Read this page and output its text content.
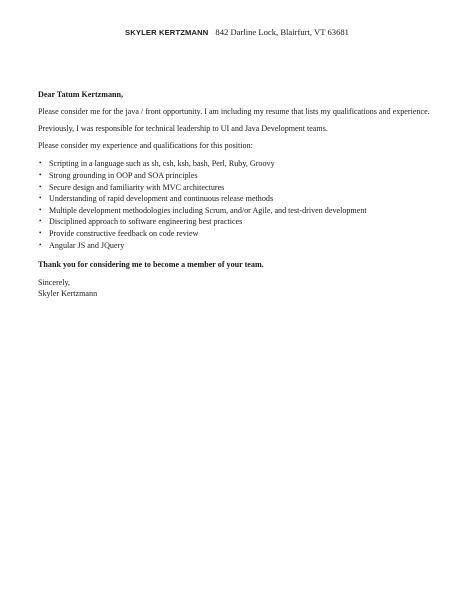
SKYLER KERTZMANN 842 Darline Lock, Blairfurt, VT 63681

Dear Tatum Kertzmann,

Please consider me for the java / front opportunity. I am including my resume that lists my qualifications and experience.

Previously, I was responsible for technical leadership to UI and Java Development teams.

Please consider my experience and qualifications for this position:

• Scripting in a language such as sh, csh, ksh, bash, Perl, Ruby, Groovy
• Strong grounding in OOP and SOA principles
• Secure design and familiarity with MVC architectures
• Understanding of rapid development and continuous release methods
• Multiple development methodologies including Scrum, and/or Agile, and test-driven development
• Disciplined approach to software engineering best practices
• Provide constructive feedback on code review
• Angular JS and JQuery

Thank you for considering me to become a member of your team.

Sincerely,

Skyler Kertzmann
